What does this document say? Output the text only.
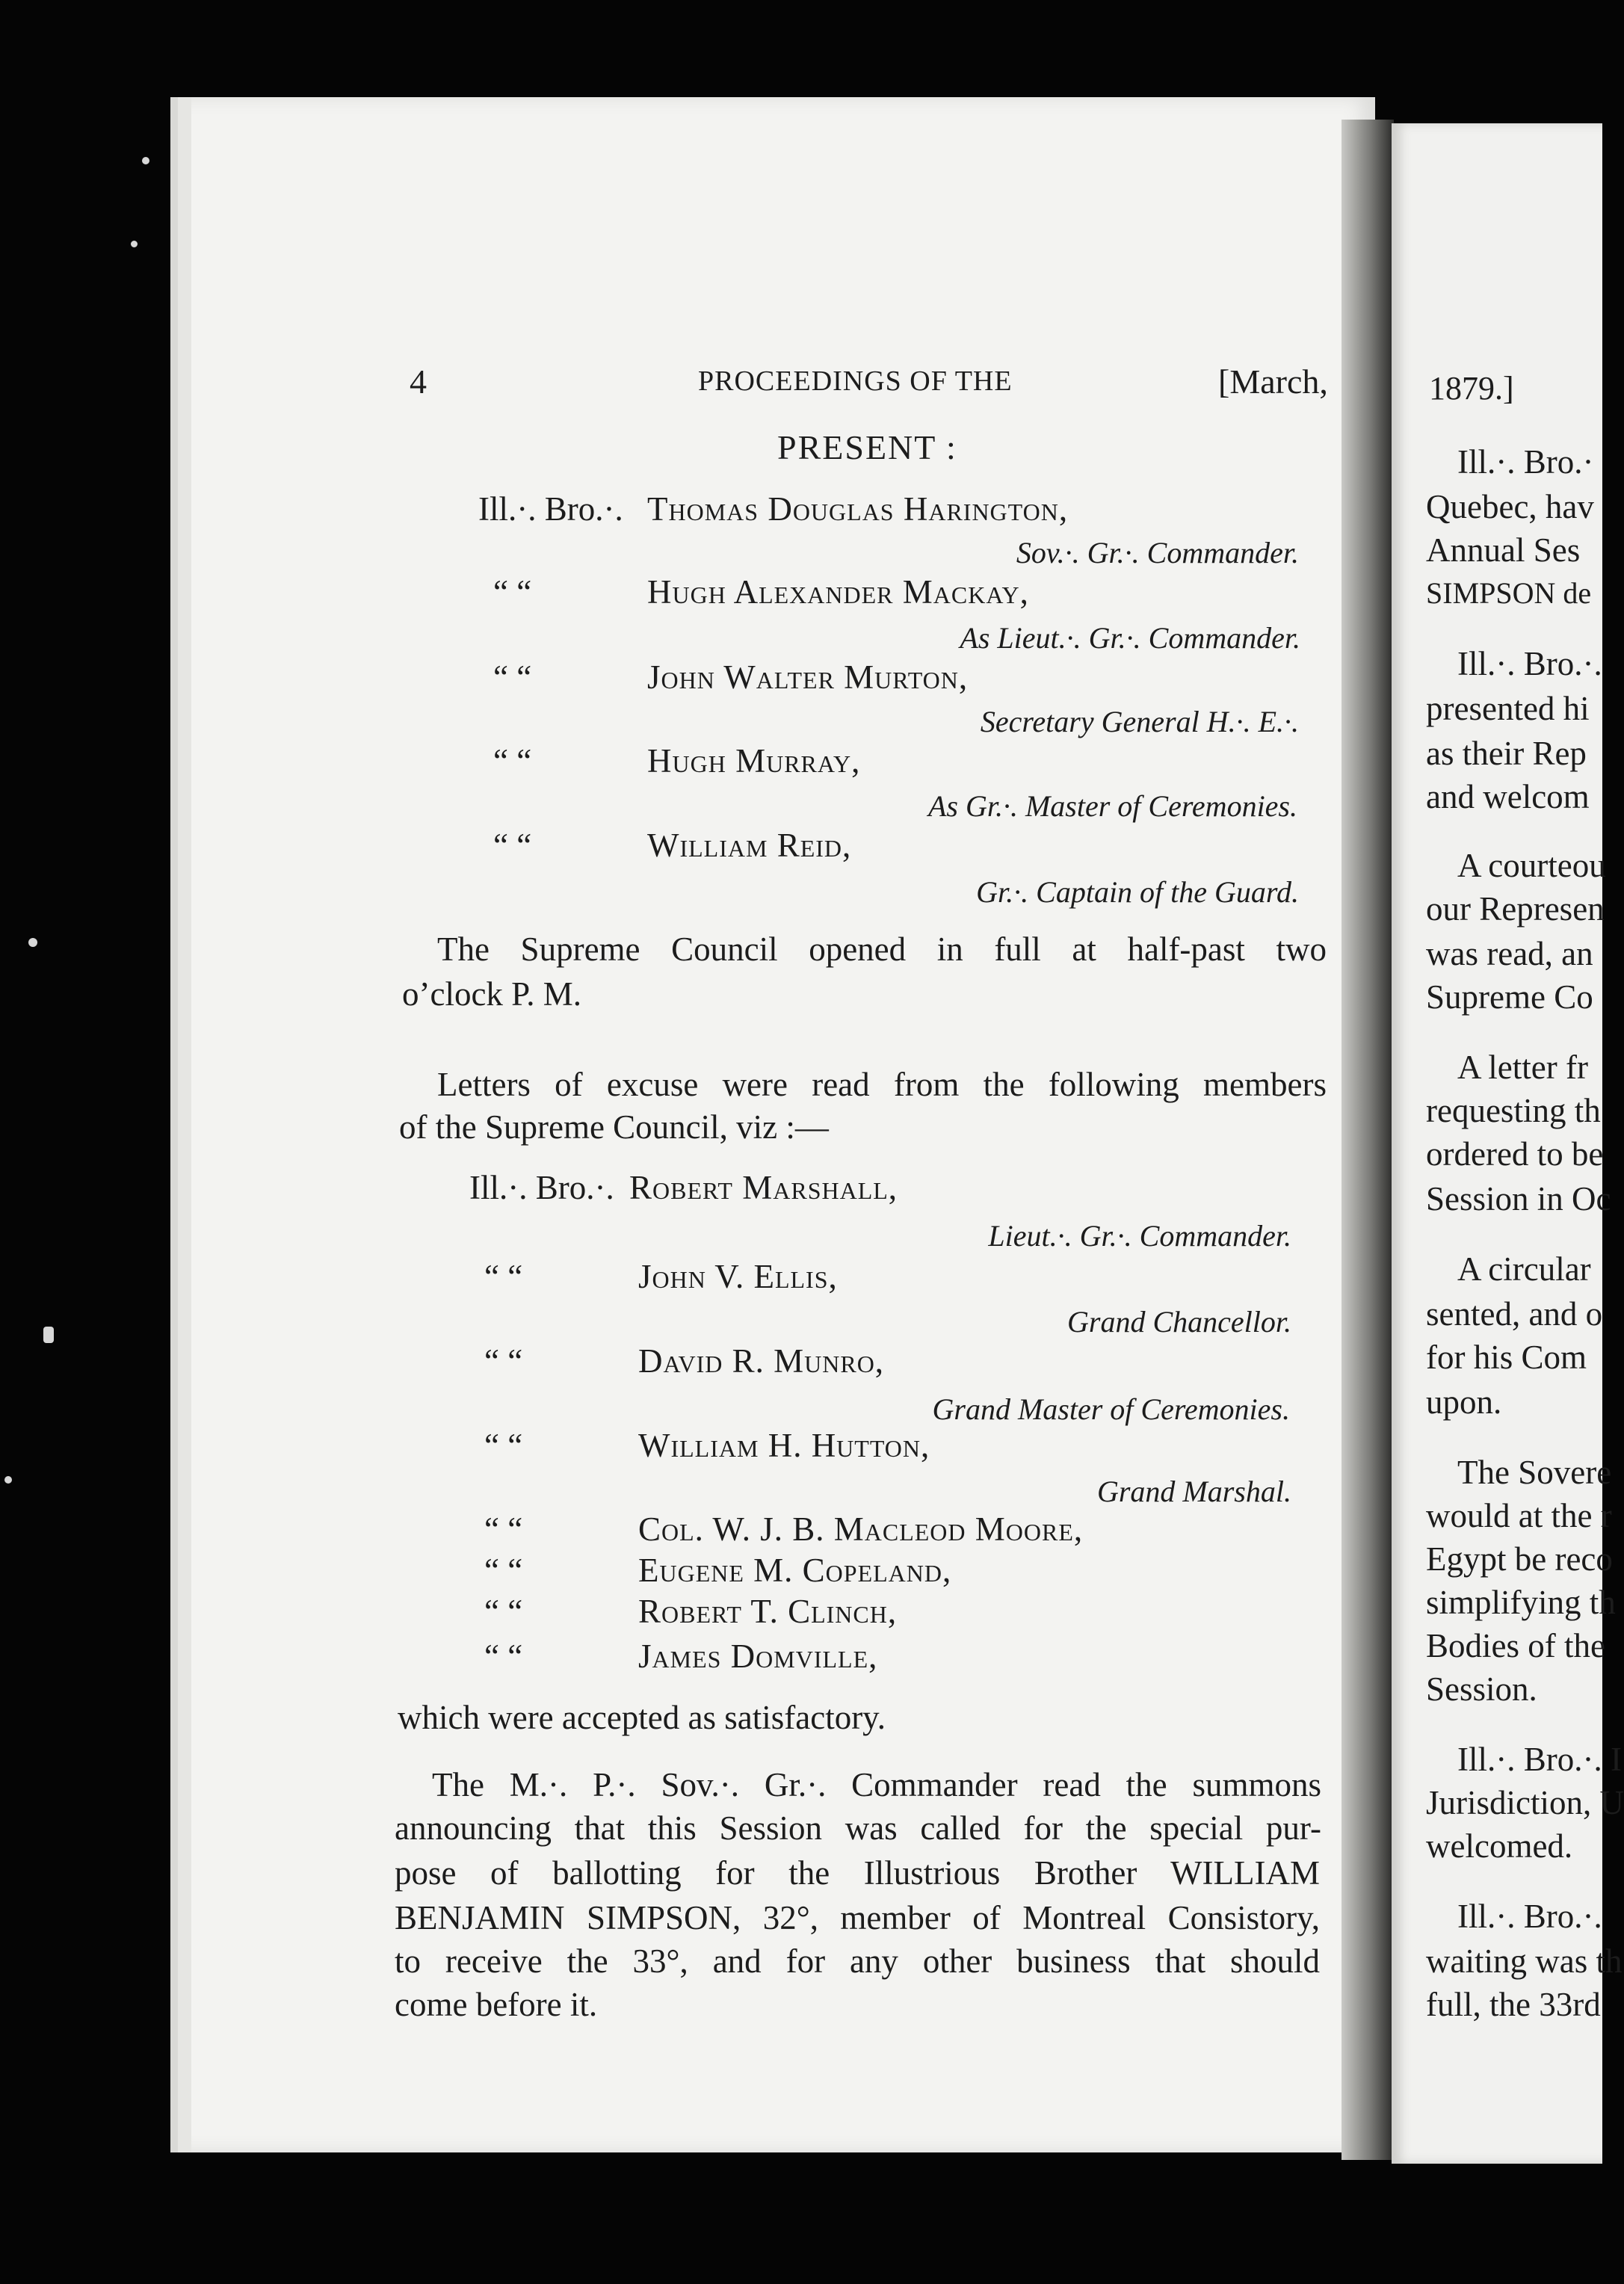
4	PROCEEDINGS OF THE	[March,
PRESENT :
Ill.·. Bro.·. Thomas Douglas Harington,
Sov.·. Gr.·. Commander.
“ “	Hugh Alexander Mackay,
As Lieut.·. Gr.·. Commander.
“ “	John Walter Murton,
Secretary General H.·. E.·.
“ “	Hugh Murray,
As Gr.·. Master of Ceremonies.
“ “	William Reid,
Gr.·. Captain of the Guard.
The Supreme Council opened in full at half-past two
o’clock P. M.
Letters of excuse were read from the following members
of the Supreme Council, viz :—
Ill.·. Bro.·. Robert Marshall,
Lieut.·. Gr.·. Commander.
“ “	John V. Ellis,
Grand Chancellor.
“ “	David R. Munro,
Grand Master of Ceremonies.
“ “	William H. Hutton,
Grand Marshal.
“ “	Col. W. J. B. Macleod Moore,
“ “	Eugene M. Copeland,
“ “	Robert T. Clinch,
“ “	James Domville,
which were accepted as satisfactory.
The M.·. P.·. Sov.·. Gr.·. Commander read the summons
announcing that this Session was called for the special pur-
pose of ballotting for the Illustrious Brother WILLIAM
BENJAMIN SIMPSON, 32°, member of Montreal Consistory,
to receive the 33°, and for any other business that should
come before it.
1879.]
Ill.·. Bro.·
Quebec, hav
Annual Ses
SIMPSON de
Ill.·. Bro.·.
presented hi
as their Rep
and welcom
A courteou
our Represen
was read, an
Supreme Co
A letter fr
requesting th
ordered to be
Session in Oc
A circular
sented, and o
for his Com
upon.
The Sovere
would at the r
Egypt be reco
simplifying th
Bodies of the
Session.
Ill.·. Bro.·. I
Jurisdiction, U
welcomed.
Ill.·. Bro.·.
waiting was th
full, the 33rd
